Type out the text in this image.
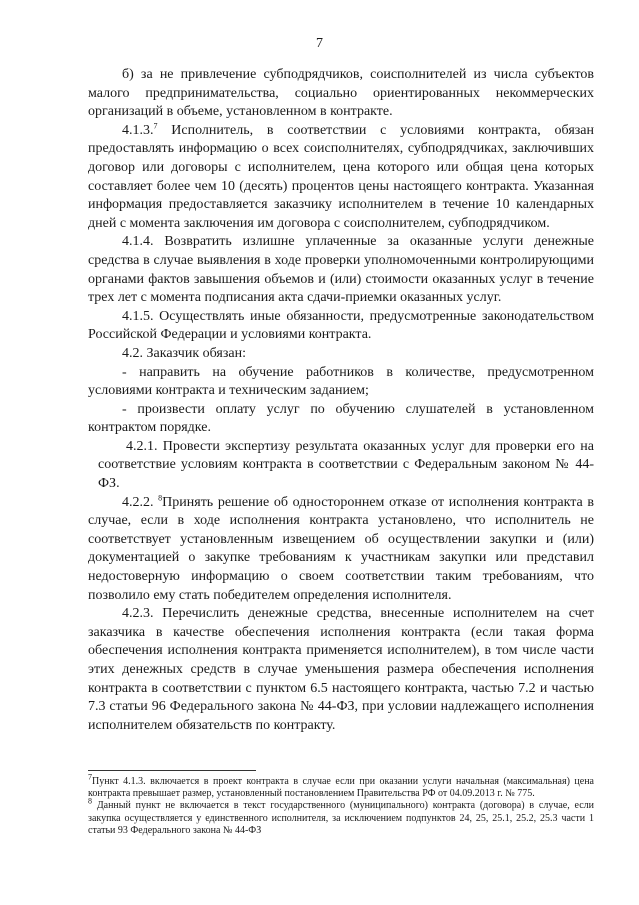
7

б) за не привлечение субподрядчиков, соисполнителей из числа субъектов малого предпринимательства, социально ориентированных некоммерческих организаций в объеме, установленном в контракте.

4.1.3.$^7$ Исполнитель, в соответствии с условиями контракта, обязан предоставлять информацию о всех соисполнителях, субподрядчиках, заключивших договор или договоры с исполнителем, цена которого или общая цена которых составляет более чем 10 (десять) процентов цены настоящего контракта. Указанная информация предоставляется заказчику исполнителем в течение 10 календарных дней с момента заключения им договора с соисполнителем, субподрядчиком.

4.1.4. Возвратить излишне уплаченные за оказанные услуги денежные средства в случае выявления в ходе проверки уполномоченными контролирующими органами фактов завышения объемов и (или) стоимости оказанных услуг в течение трех лет с момента подписания акта сдачи-приемки оказанных услуг.

4.1.5. Осуществлять иные обязанности, предусмотренные законодательством Российской Федерации и условиями контракта.

4.2. Заказчик обязан:

- направить на обучение работников в количестве, предусмотренном условиями контракта и техническим заданием;

- произвести оплату услуг по обучению слушателей в установленном контрактом порядке.

4.2.1. Провести экспертизу результата оказанных услуг для проверки его на соответствие условиям контракта в соответствии с Федеральным законом № 44-ФЗ.

4.2.2. $^8$Принять решение об одностороннем отказе от исполнения контракта в случае, если в ходе исполнения контракта установлено, что исполнитель не соответствует установленным извещением об осуществлении закупки и (или) документацией о закупке требованиям к участникам закупки или представил недостоверную информацию о своем соответствии таким требованиям, что позволило ему стать победителем определения исполнителя.

4.2.3. Перечислить денежные средства, внесенные исполнителем на счет заказчика в качестве обеспечения исполнения контракта (если такая форма обеспечения исполнения контракта применяется исполнителем), в том числе части этих денежных средств в случае уменьшения размера обеспечения исполнения контракта в соответствии с пунктом 6.5 настоящего контракта, частью 7.2 и частью 7.3 статьи 96 Федерального закона № 44-ФЗ, при условии надлежащего исполнения исполнителем обязательств по контракту.

$^7$Пункт 4.1.3. включается в проект контракта в случае если при оказании услуги начальная (максимальная) цена контракта превышает размер, установленный постановлением Правительства РФ от 04.09.2013 г. № 775.

$^8$ Данный пункт не включается в текст государственного (муниципального) контракта (договора) в случае, если закупка осуществляется у единственного исполнителя, за исключением подпунктов 24, 25, 25.1, 25.2, 25.3 части 1 статьи 93 Федерального закона № 44-ФЗ
